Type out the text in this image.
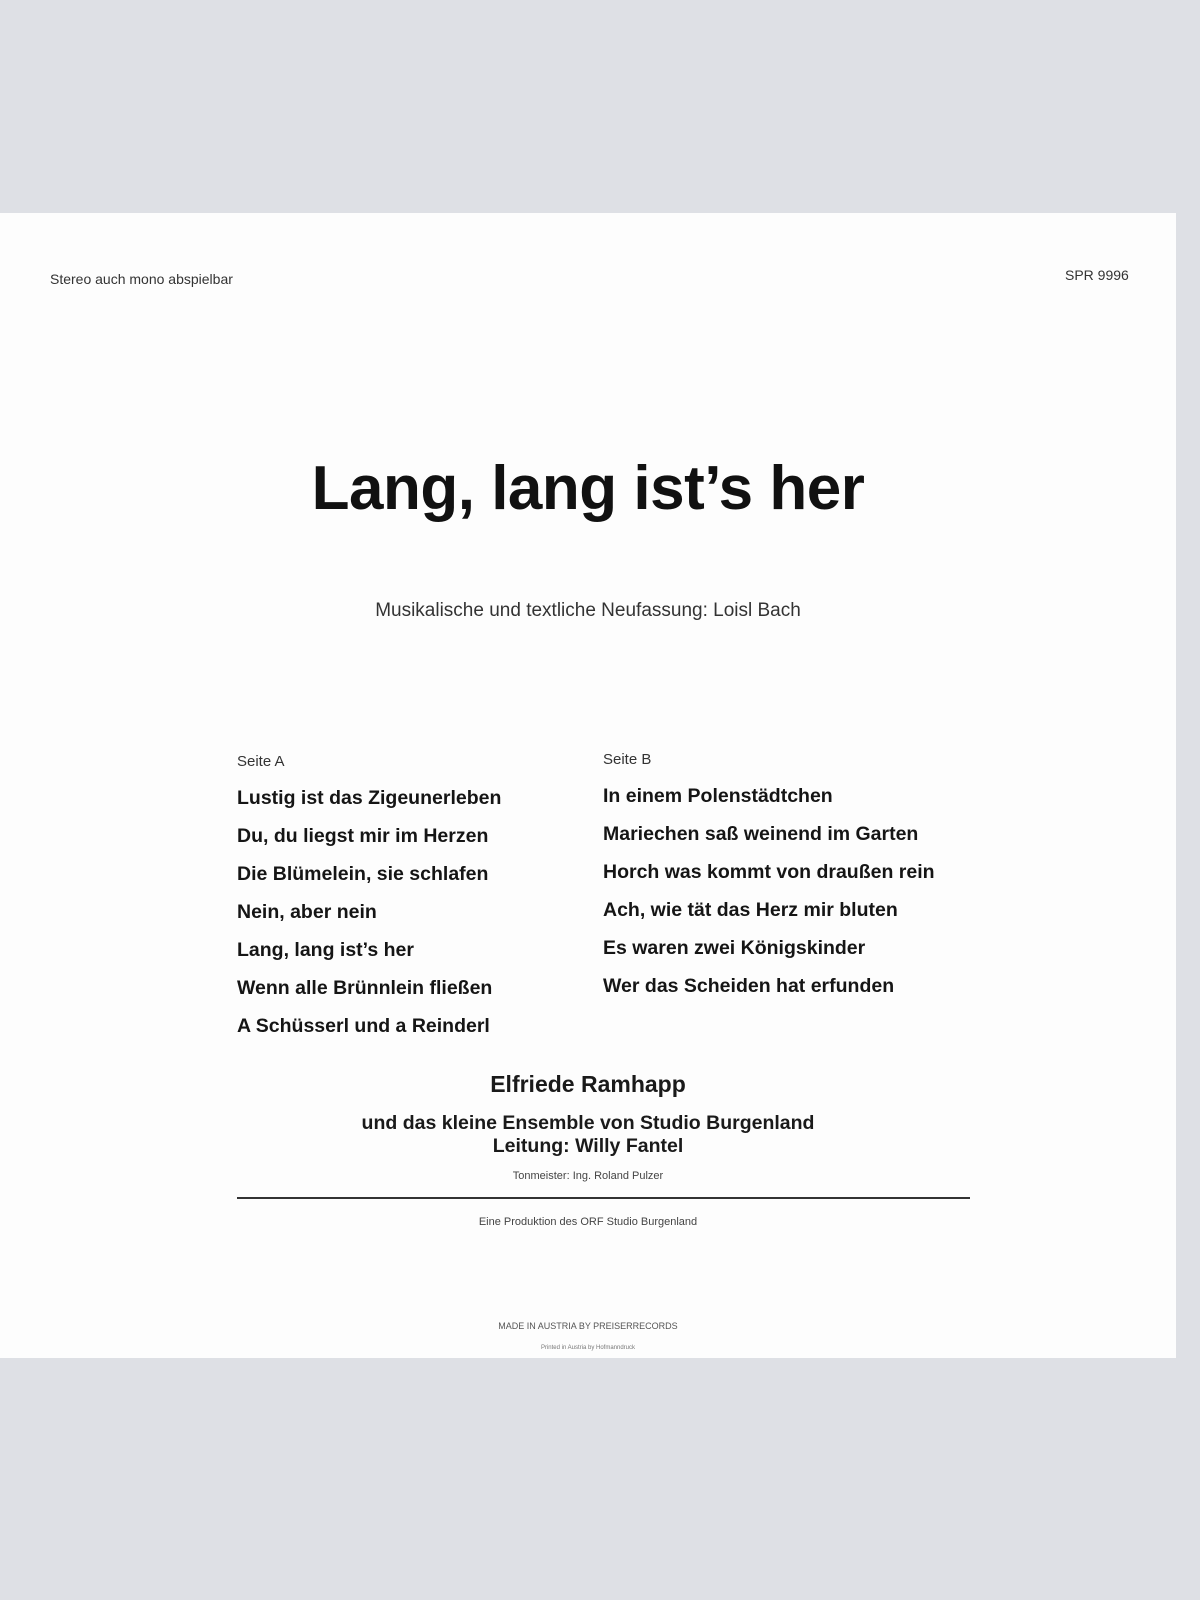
Stereo auch mono abspielbar	SPR 9996
Lang, lang ist’s her
Musikalische und textliche Neufassung: Loisl Bach
Seite A
Lustig ist das Zigeunerleben
Du, du liegst mir im Herzen
Die Blümelein, sie schlafen
Nein, aber nein
Lang, lang ist’s her
Wenn alle Brünnlein fließen
A Schüsserl und a Reinderl
Seite B
In einem Polenstädtchen
Mariechen saß weinend im Garten
Horch was kommt von draußen rein
Ach, wie tät das Herz mir bluten
Es waren zwei Königskinder
Wer das Scheiden hat erfunden
Elfriede Ramhapp
und das kleine Ensemble von Studio Burgenland
Leitung: Willy Fantel
Tonmeister: Ing. Roland Pulzer
Eine Produktion des ORF Studio Burgenland
MADE IN AUSTRIA BY PREISERRECORDS
Printed in Austria by Hofmanndruck
